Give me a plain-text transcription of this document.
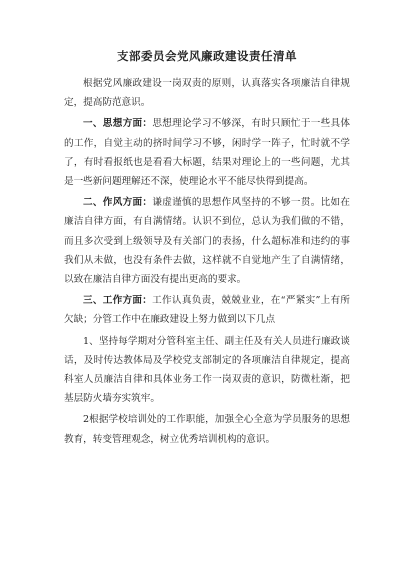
支部委员会党风廉政建设责任清单

根据党风廉政建设一岗双责的原则，认真落实各项廉洁自律规定，提高防范意识。

一、思想方面：思想理论学习不够深，有时只顾忙于一些具体的工作，自觉主动的挤时间学习不够，闲时学一阵子，忙时就不学了，有时看报纸也是看看大标题，结果对理论上的一些问题，尤其是一些新问题理解还不深，使理论水平不能尽快得到提高。

二、作风方面：谦虚谨慎的思想作风坚持的不够一贯。比如在廉洁自律方面，有自满情绪。认识不到位，总认为我们做的不错，而且多次受到上级领导及有关部门的表扬，什么超标准和违约的事我们从未做，也没有条件去做，这样就不自觉地产生了自满情绪，以致在廉洁自律方面没有提出更高的要求。

三、工作方面：工作认真负责，兢兢业业，在“严紧实”上有所欠缺；分管工作中在廉政建设上努力做到以下几点

1、坚持每学期对分管科室主任、副主任及有关人员进行廉政谈话，及时传达教体局及学校党支部制定的各项廉洁自律规定，提高科室人员廉洁自律和具体业务工作一岗双责的意识，防微杜渐，把基层防火墙夯实筑牢。

2根据学校培训处的工作职能，加强全心全意为学员服务的思想教育，转变管理观念，树立优秀培训机构的意识。
